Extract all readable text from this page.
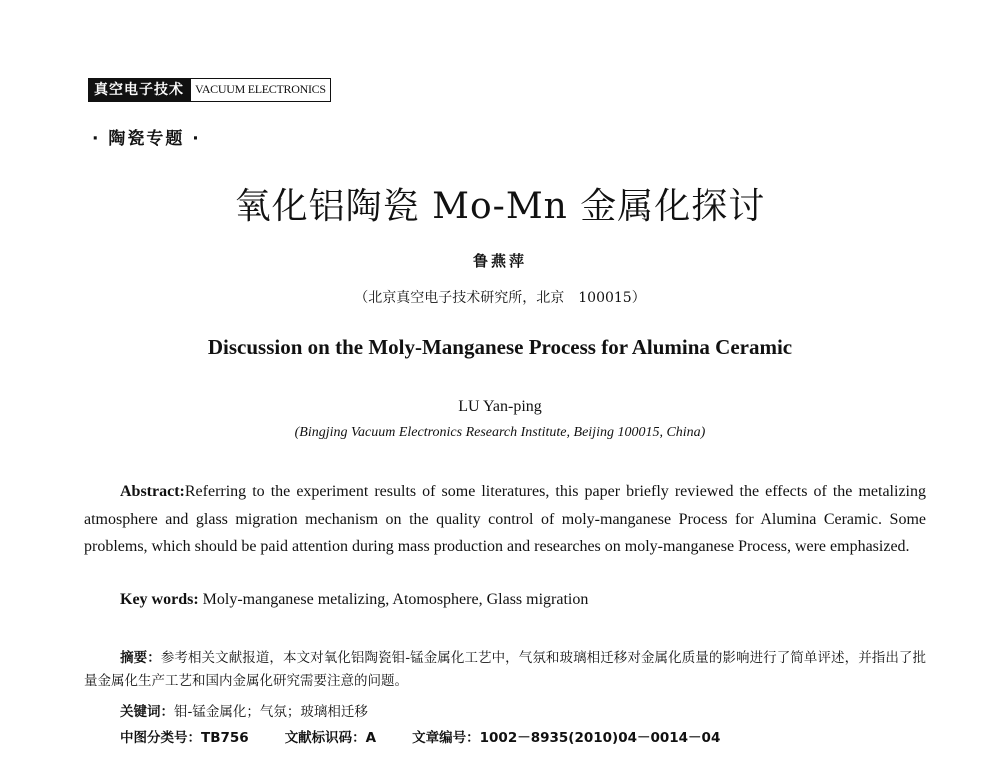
真空电子技术 VACUUM ELECTRONICS
· 陶瓷专题 ·
氧化铝陶瓷 Mo-Mn 金属化探讨
鲁燕萍
（北京真空电子技术研究所，北京　100015）
Discussion on the Moly-Manganese Process for Alumina Ceramic
LU Yan-ping
(Bingjing Vacuum Electronics Research Institute, Beijing 100015, China)
Abstract:Referring to the experiment results of some literatures, this paper briefly reviewed the effects of the metalizing atmosphere and glass migration mechanism on the quality control of moly-manganese Process for Alumina Ceramic. Some problems, which should be paid attention during mass production and researches on moly-manganese Process, were emphasized.
Key words: Moly-manganese metalizing, Atomosphere, Glass migration
摘要：参考相关文献报道，本文对氧化铝陶瓷钼-锰金属化工艺中，气氛和玻璃相迁移对金属化质量的影响进行了简单评述，并指出了批量金属化生产工艺和国内金属化研究需要注意的问题。
关键词：钼-锰金属化；气氛；玻璃相迁移
中图分类号：TB756	文献标识码：A	文章编号：1002－8935(2010)04－0014－04
